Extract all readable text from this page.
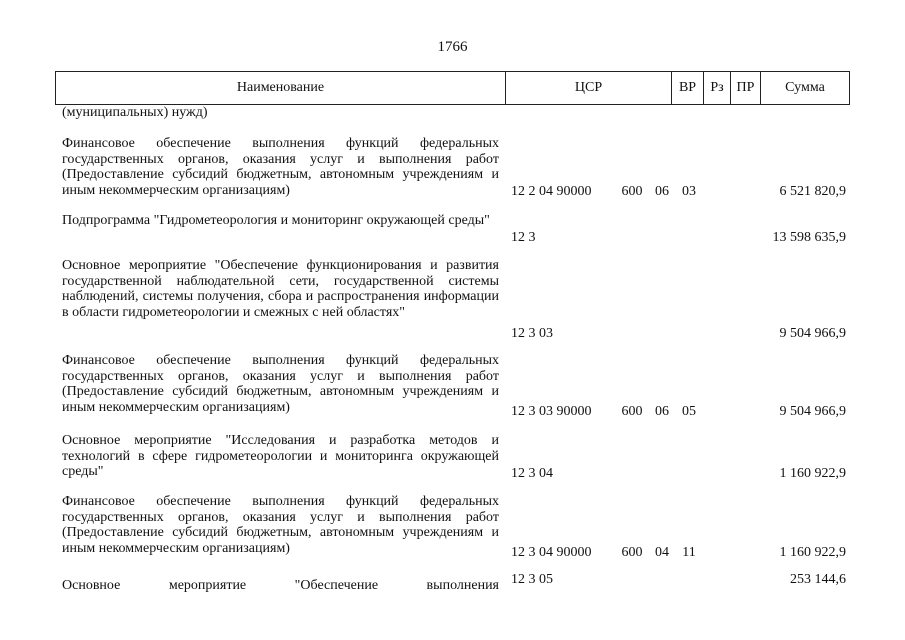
1766
Наименование	ЦСР	ВР	Рз ПР	Сумма
(муниципальных) нужд)
Финансовое обеспечение выполнения функций федеральных государственных органов, оказания услуг и выполнения работ (Предоставление субсидий бюджетным, автономным учреждениям и иным некоммерческим организациям)	12 2 04 90000	600 06 03	6 521 820,9
Подпрограмма "Гидрометеорология и мониторинг окружающей среды"
12 3	13 598 635,9
Основное мероприятие "Обеспечение функционирования и развития государственной наблюдательной сети, государственной системы наблюдений, системы получения, сбора и распространения информации в области гидрометеорологии и смежных с ней областях"
12 3 03	9 504 966,9
Финансовое обеспечение выполнения функций федеральных государственных органов, оказания услуг и выполнения работ (Предоставление субсидий бюджетным, автономным учреждениям и иным некоммерческим организациям)	12 3 03 90000	600 06 05	9 504 966,9
Основное мероприятие "Исследования и разработка методов и технологий в сфере гидрометеорологии и мониторинга окружающей среды"	12 3 04	1 160 922,9
Финансовое обеспечение выполнения функций федеральных государственных органов, оказания услуг и выполнения работ (Предоставление субсидий бюджетным, автономным учреждениям и иным некоммерческим организациям)	12 3 04 90000	600 04 11	1 160 922,9
Основное мероприятие "Обеспечение выполнения 12 3 05	253 144,6
